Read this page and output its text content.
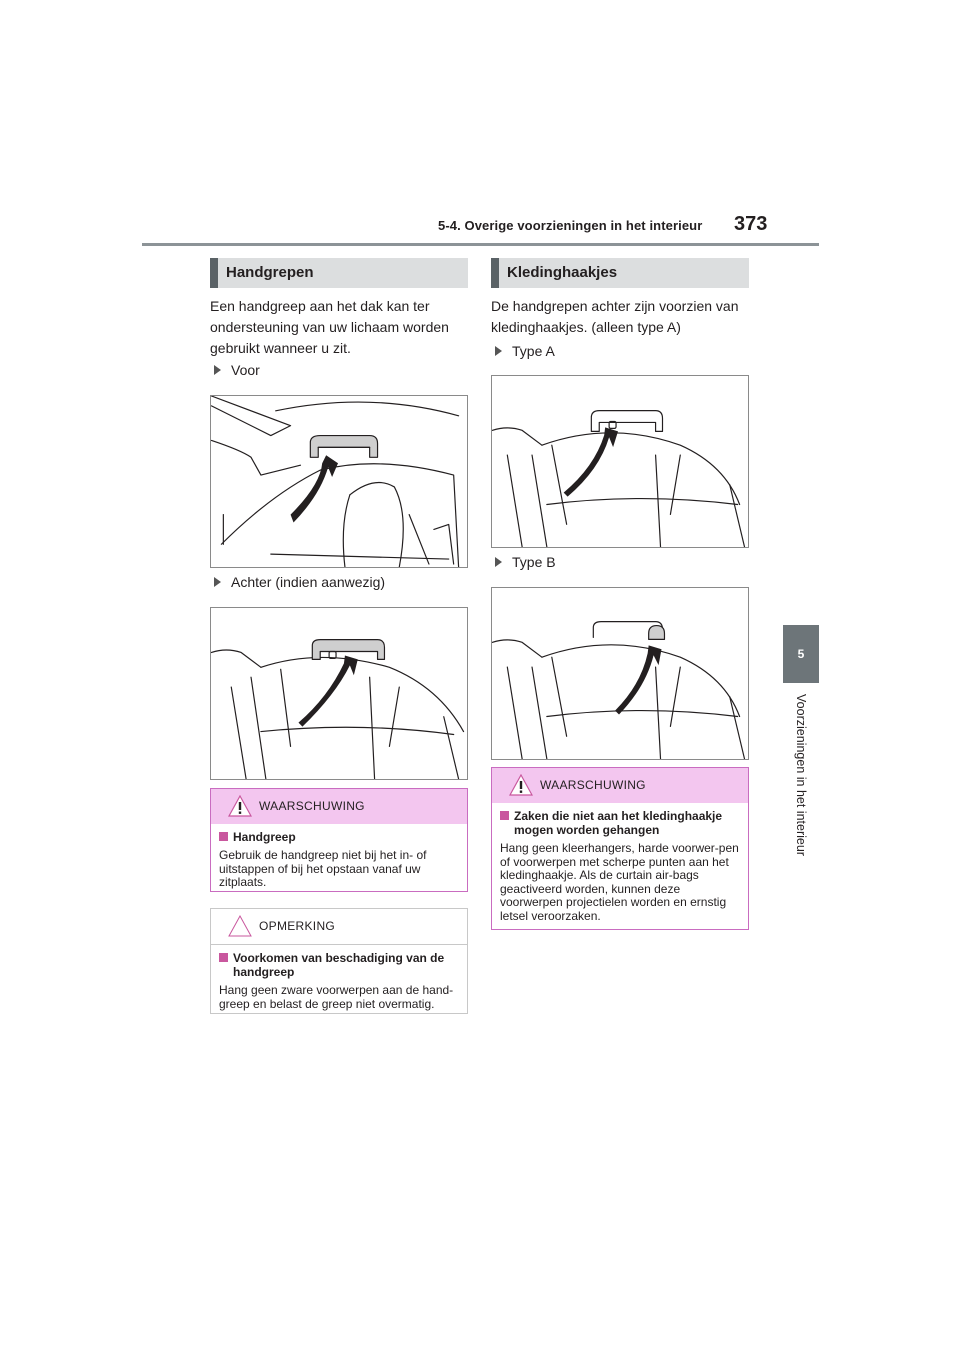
5-4. Overige voorzieningen in het interieur 373
5
Voorzieningen in het interieur
Handgrepen
Een handgreep aan het dak kan ter ondersteuning van uw lichaam worden gebruikt wanneer u zit.
Voor
Achter (indien aanwezig)
WAARSCHUWING
Handgreep
Gebruik de handgreep niet bij het in- of uitstappen of bij het opstaan vanaf uw zitplaats.
OPMERKING
Voorkomen van beschadiging van de handgreep
Hang geen zware voorwerpen aan de hand-greep en belast de greep niet overmatig.
Kledinghaakjes
De handgrepen achter zijn voorzien van kledinghaakjes. (alleen type A)
Type A
Type B
WAARSCHUWING
Zaken die niet aan het kledinghaakje mogen worden gehangen
Hang geen kleerhangers, harde voorwer-pen of voorwerpen met scherpe punten aan het kledinghaakje. Als de curtain air-bags geactiveerd worden, kunnen deze voorwerpen projectielen worden en ernstig letsel veroorzaken.
